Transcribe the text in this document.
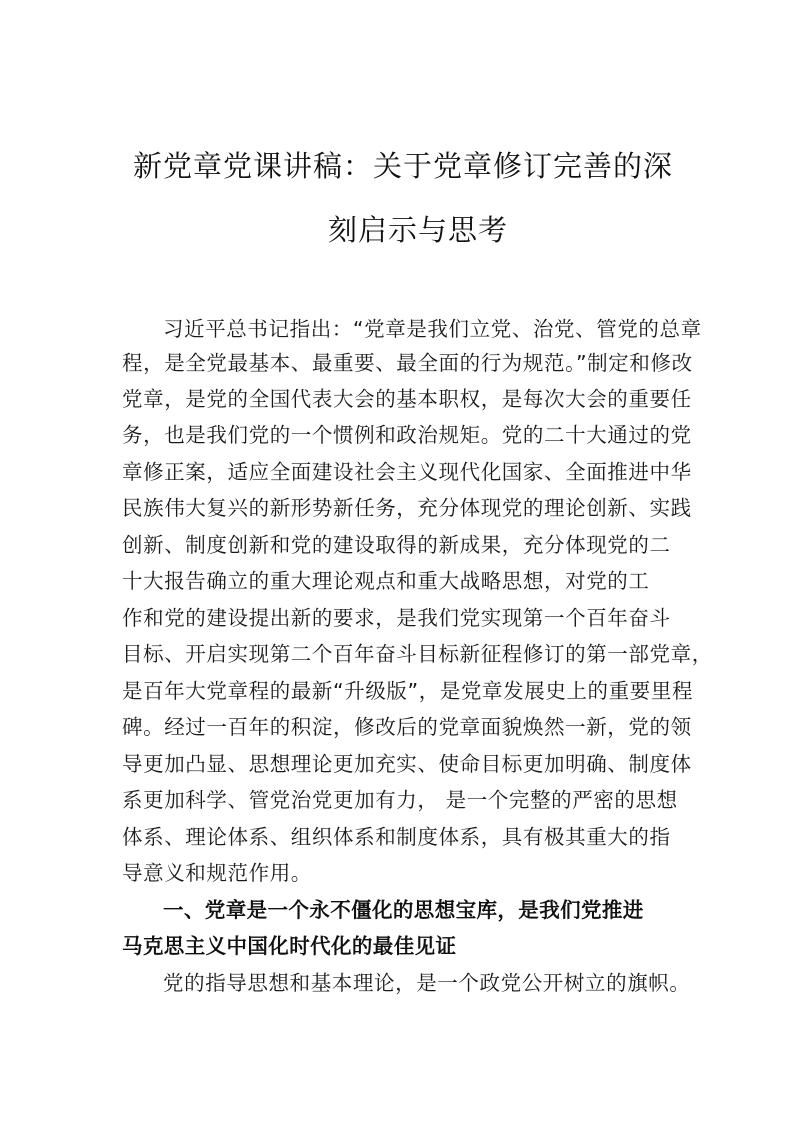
新党章党课讲稿：关于党章修订完善的深
刻启示与思考
习近平总书记指出：“党章是我们立党、治党、管党的总章
程，是全党最基本、最重要、最全面的行为规范。”制定和修改
党章，是党的全国代表大会的基本职权，是每次大会的重要任
务，也是我们党的一个惯例和政治规矩。党的二十大通过的党
章修正案，适应全面建设社会主义现代化国家、全面推进中华
民族伟大复兴的新形势新任务，充分体现党的理论创新、实践
创新、制度创新和党的建设取得的新成果，充分体现党的二
十大报告确立的重大理论观点和重大战略思想，对党的工
作和党的建设提出新的要求，是我们党实现第一个百年奋斗
目标、开启实现第二个百年奋斗目标新征程修订的第一部党章，
是百年大党章程的最新“升级版”，是党章发展史上的重要里程
碑。经过一百年的积淀，修改后的党章面貌焕然一新，党的领
导更加凸显、思想理论更加充实、使命目标更加明确、制度体
系更加科学、管党治党更加有力， 是一个完整的严密的思想
体系、理论体系、组织体系和制度体系，具有极其重大的指
导意义和规范作用。
一、党章是一个永不僵化的思想宝库，是我们党推进
马克思主义中国化时代化的最佳见证
党的指导思想和基本理论，是一个政党公开树立的旗帜。
